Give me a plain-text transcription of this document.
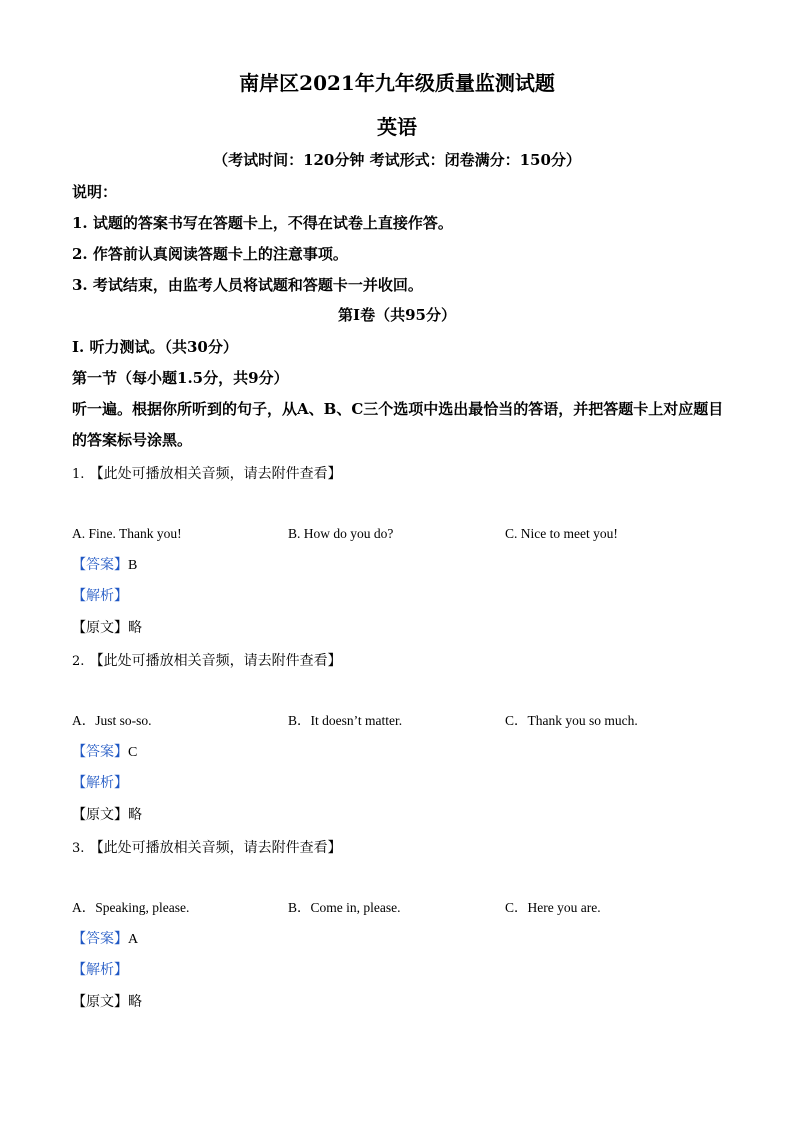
南岸区2021年九年级质量监测试题
英语
（考试时间：120分钟 考试形式：闭卷满分：150分）
说明：
1. 试题的答案书写在答题卡上，不得在试卷上直接作答。
2. 作答前认真阅读答题卡上的注意事项。
3. 考试结束，由监考人员将试题和答题卡一并收回。
第I卷（共95分）
I. 听力测试。（共30分）
第一节（每小题1.5分，共9分）
听一遍。根据你所听到的句子，从A、B、C三个选项中选出最恰当的答语，并把答题卡上对应题目的答案标号涂黑。
1. 【此处可播放相关音频，请去附件查看】
A. Fine. Thank you!	B. How do you do?	C. Nice to meet you!
【答案】B
【解析】
【原文】略
2. 【此处可播放相关音频，请去附件查看】
A．Just so-so.	B．It doesn’t matter.	C．Thank you so much.
【答案】C
【解析】
【原文】略
3. 【此处可播放相关音频，请去附件查看】
A．Speaking, please.	B．Come in, please.	C．Here you are.
【答案】A
【解析】
【原文】略
